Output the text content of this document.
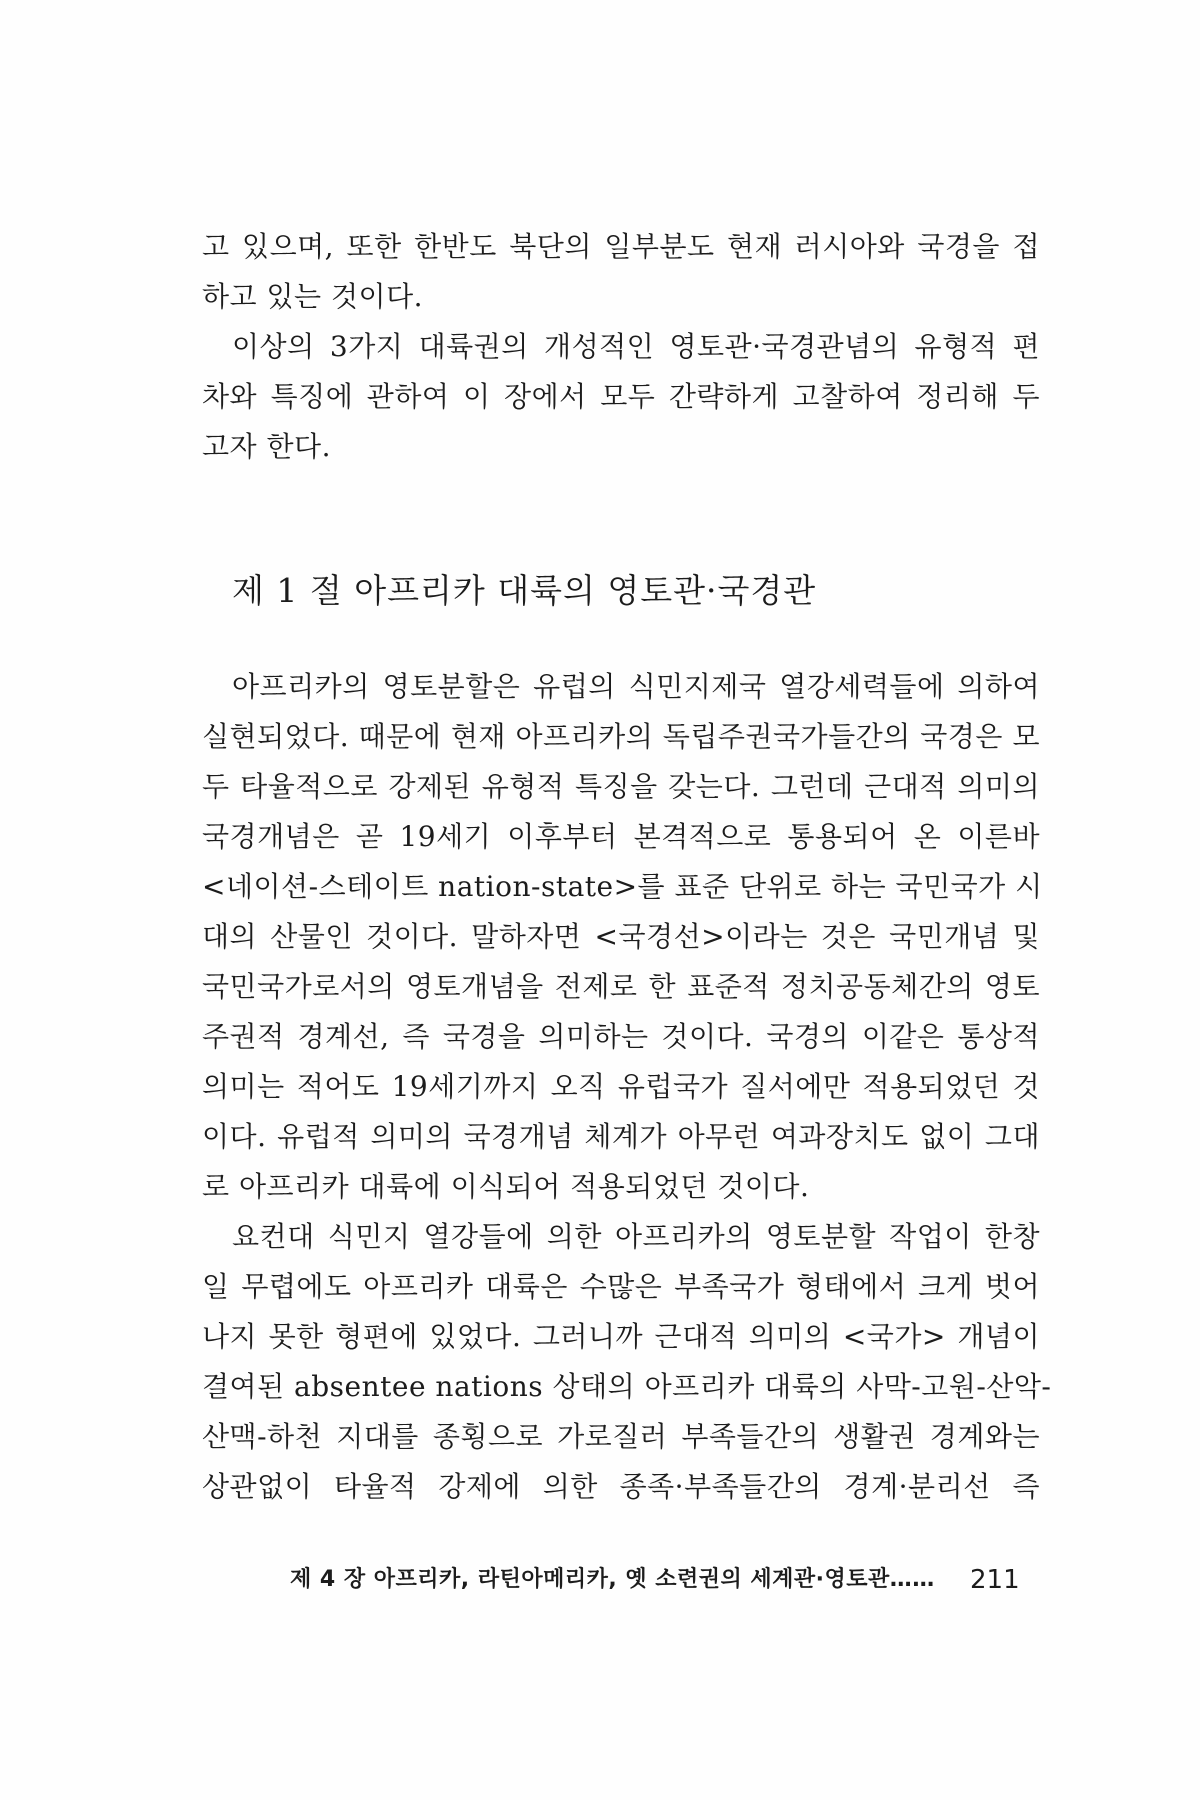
고 있으며, 또한 한반도 북단의 일부분도 현재 러시아와 국경을 접
하고 있는 것이다.
이상의 3가지 대륙권의 개성적인 영토관·국경관념의 유형적 편
차와 특징에 관하여 이 장에서 모두 간략하게 고찰하여 정리해 두
고자 한다.
제 1 절 아프리카 대륙의 영토관·국경관
아프리카의 영토분할은 유럽의 식민지제국 열강세력들에 의하여
실현되었다. 때문에 현재 아프리카의 독립주권국가들간의 국경은 모
두 타율적으로 강제된 유형적 특징을 갖는다. 그런데 근대적 의미의
국경개념은 곧 19세기 이후부터 본격적으로 통용되어 온 이른바
<네이션-스테이트 nation-state>를 표준 단위로 하는 국민국가 시
대의 산물인 것이다. 말하자면 <국경선>이라는 것은 국민개념 및
국민국가로서의 영토개념을 전제로 한 표준적 정치공동체간의 영토
주권적 경계선, 즉 국경을 의미하는 것이다. 국경의 이같은 통상적
의미는 적어도 19세기까지 오직 유럽국가 질서에만 적용되었던 것
이다. 유럽적 의미의 국경개념 체계가 아무런 여과장치도 없이 그대
로 아프리카 대륙에 이식되어 적용되었던 것이다.
요컨대 식민지 열강들에 의한 아프리카의 영토분할 작업이 한창
일 무렵에도 아프리카 대륙은 수많은 부족국가 형태에서 크게 벗어
나지 못한 형편에 있었다. 그러니까 근대적 의미의 <국가> 개념이
결여된 absentee nations 상태의 아프리카 대륙의 사막-고원-산악-
산맥-하천 지대를 종횡으로 가로질러 부족들간의 생활권 경계와는
상관없이 타율적 강제에 의한 종족·부족들간의 경계·분리선 즉
제 4 장 아프리카, 라틴아메리카, 옛 소련권의 세계관·영토관…… 211
